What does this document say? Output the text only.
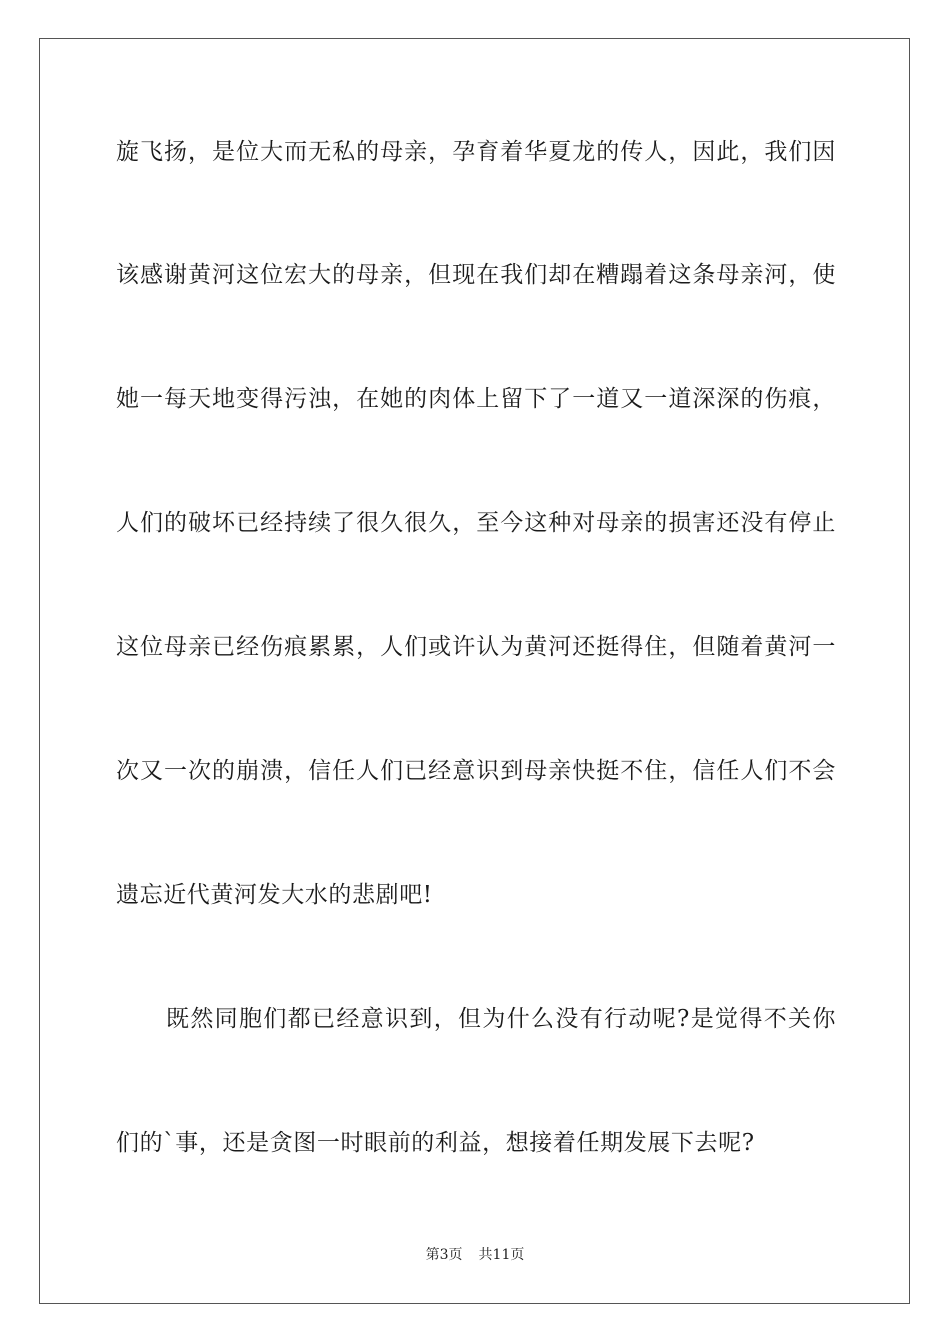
旋飞扬，是位大而无私的母亲，孕育着华夏龙的传人，因此，我们因
该感谢黄河这位宏大的母亲，但现在我们却在糟蹋着这条母亲河，使
她一每天地变得污浊，在她的肉体上留下了一道又一道深深的伤痕，
人们的破坏已经持续了很久很久，至今这种对母亲的损害还没有停止
这位母亲已经伤痕累累，人们或许认为黄河还挺得住，但随着黄河一
次又一次的崩溃，信任人们已经意识到母亲快挺不住，信任人们不会
遗忘近代黄河发大水的悲剧吧!
既然同胞们都已经意识到，但为什么没有行动呢?是觉得不关你
们的`事，还是贪图一时眼前的利益，想接着任期发展下去呢?
第3页 共11页
